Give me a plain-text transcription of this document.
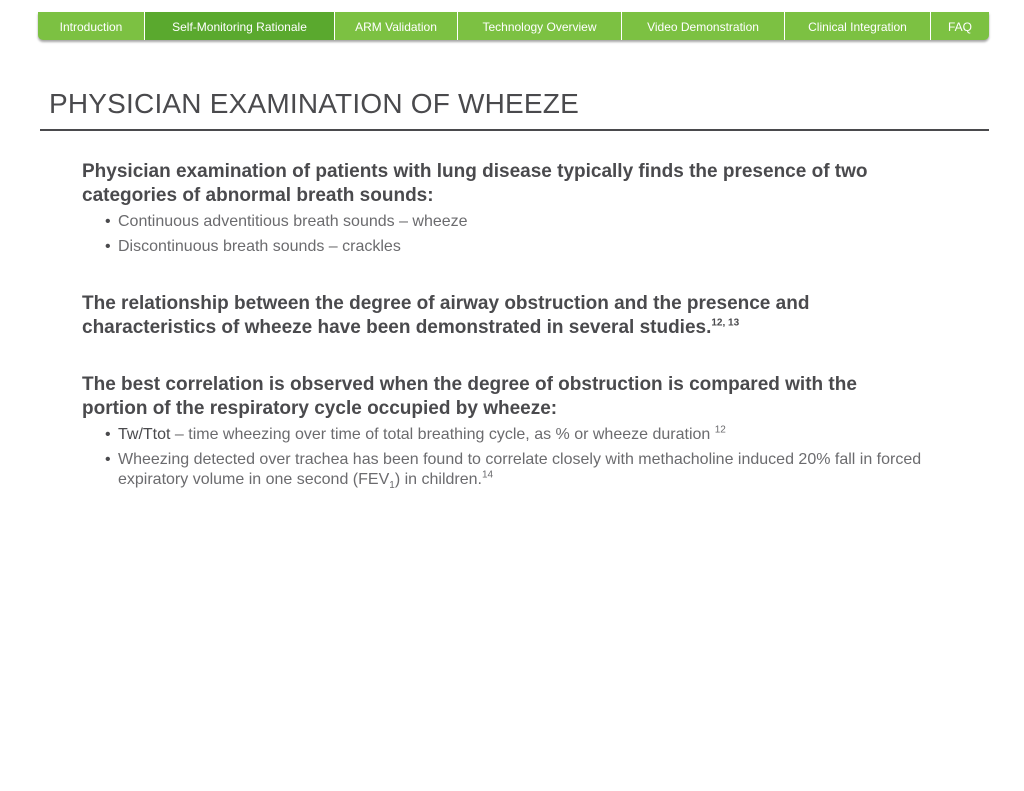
Introduction	Self-Monitoring Rationale	ARM Validation	Technology Overview	Video Demonstration	Clinical Integration	FAQ
PHYSICIAN EXAMINATION OF WHEEZE

Physician examination of patients with lung disease typically finds the presence of two categories of abnormal breath sounds:

• Continuous adventitious breath sounds – wheeze
• Discontinuous breath sounds – crackles

The relationship between the degree of airway obstruction and the presence and characteristics of wheeze have been demonstrated in several studies.$^{12, 13}$

The best correlation is observed when the degree of obstruction is compared with the portion of the respiratory cycle occupied by wheeze:

• Tw/Ttot – time wheezing over time of total breathing cycle, as % or wheeze duration $^{12}$
• Wheezing detected over trachea has been found to correlate closely with methacholine induced 20% fall in forced expiratory volume in one second $(FEV_1)$ in children.$^{14}$
